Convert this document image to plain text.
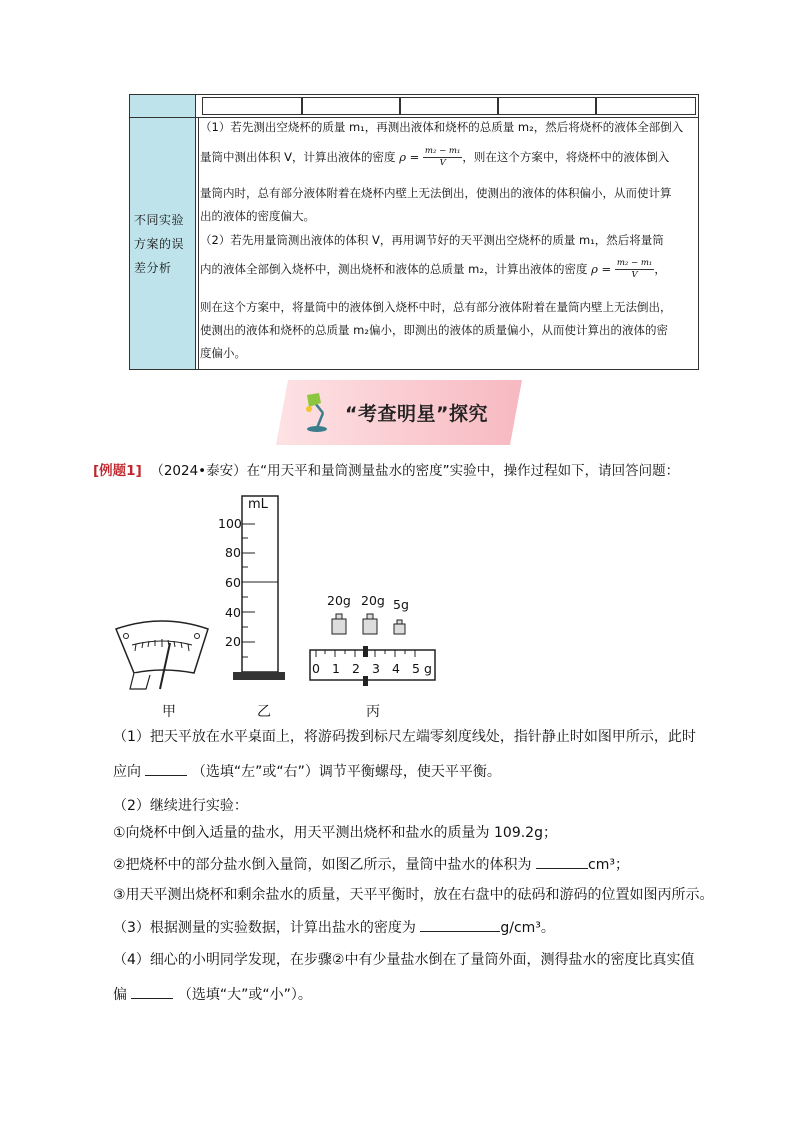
不同实验方案的误差分析
（1）若先测出空烧杯的质量 m₁，再测出液体和烧杯的总质量 m₂，然后将烧杯的液体全部倒入
量筒中测出体积 V，计算出液体的密度 $\rho = \frac{\text{m₂ − m₁}}{V}$ ，则在这个方案中，将烧杯中的液体倒入
量筒内时，总有部分液体附着在烧杯内壁上无法倒出，使测出的液体的体积偏小，从而使计算
出的液体的密度偏大。
（2）若先用量筒测出液体的体积 V，再用调节好的天平测出空烧杯的质量 m₁，然后将量筒
内的液体全部倒入烧杯中，测出烧杯和液体的总质量 m₂，计算出液体的密度 $\rho = \frac{\text{m₂ − m₁}}{V}$ ，
则在这个方案中，将量筒中的液体倒入烧杯中时，总有部分液体附着在量筒内壁上无法倒出，
使测出的液体和烧杯的总质量 m₂偏小，即测出的液体的质量偏小，从而使计算出的液体的密
度偏小。
“考查明星”探究
[例题1] （2024•泰安）在“用天平和量筒测量盐水的密度”实验中，操作过程如下，请回答问题：
甲
mL
100
80
60
40
20
乙
20g 20g 5g
0 1 2 3 4 5 g
丙
（1）把天平放在水平桌面上，将游码拨到标尺左端零刻度线处，指针静止时如图甲所示，此时
应向	（选填“左”或“右”）调节平衡螺母，使天平平衡。
（2）继续进行实验：
①向烧杯中倒入适量的盐水，用天平测出烧杯和盐水的质量为 109.2g；
②把烧杯中的部分盐水倒入量筒，如图乙所示，量筒中盐水的体积为	cm³；
③用天平测出烧杯和剩余盐水的质量，天平平衡时，放在右盘中的砝码和游码的位置如图丙所示。
（3）根据测量的实验数据，计算出盐水的密度为	g/cm³。
（4）细心的小明同学发现，在步骤②中有少量盐水倒在了量筒外面，测得盐水的密度比真实值
偏	（选填“大”或“小”）。
